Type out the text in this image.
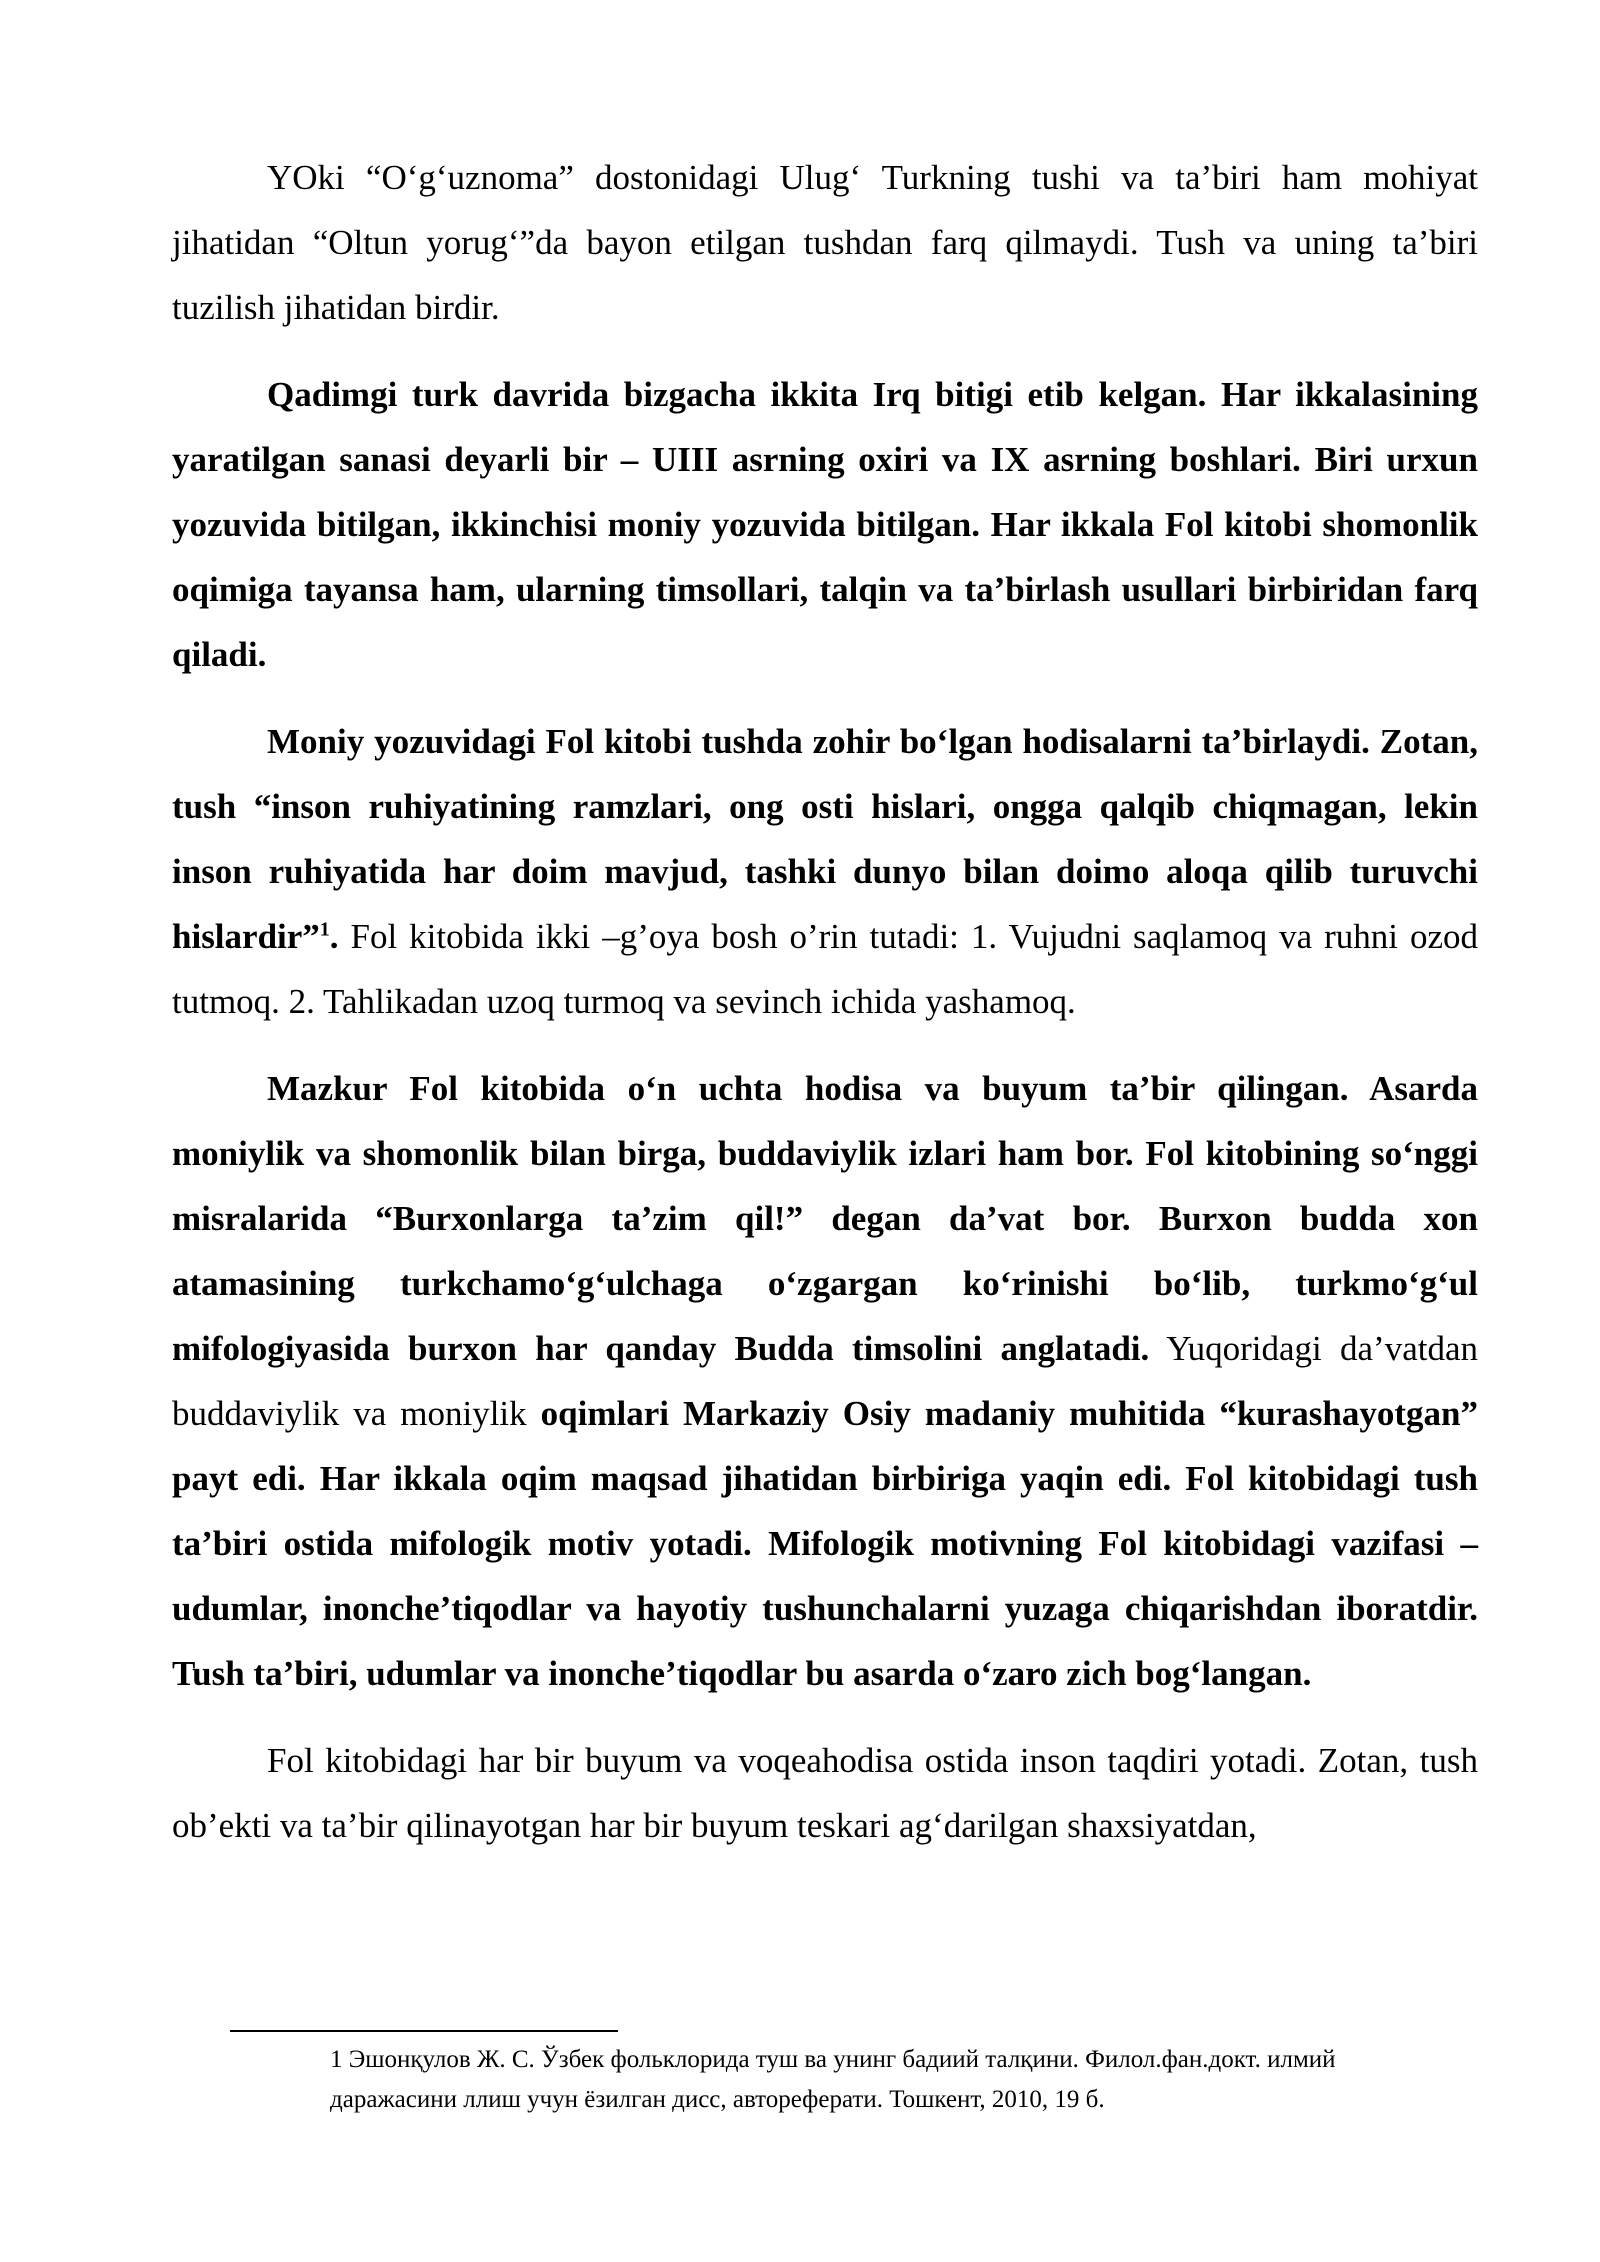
YOki “O‘g‘uznoma” dostonidagi Ulug‘ Turkning tushi va ta’biri ham mohiyat jihatidan “Oltun yorug‘”da bayon etilgan tushdan farq qilmaydi. Tush va uning ta’biri tuzilish jihatidan birdir.

Qadimgi turk davrida bizgacha ikkita Irq bitigi etib kelgan. Har ikkalasining yaratilgan sanasi deyarli bir – UIII asrning oxiri va IX asrning boshlari. Biri urxun yozuvida bitilgan, ikkinchisi moniy yozuvida bitilgan. Har ikkala Fol kitobi shomonlik oqimiga tayansa ham, ularning timsollari, talqin va ta’birlash usullari birbiridan farq qiladi.

Moniy yozuvidagi Fol kitobi tushda zohir bo‘lgan hodisalarni ta’birlaydi. Zotan, tush “inson ruhiyatining ramzlari, ong osti hislari, ongga qalqib chiqmagan, lekin inson ruhiyatida har doim mavjud, tashki dunyo bilan doimo aloqa qilib turuvchi hislardir”$^1$. Fol kitobida ikki –g’oya bosh o’rin tutadi: 1. Vujudni saqlamoq va ruhni ozod tutmoq. 2. Tahlikadan uzoq turmoq va sevinch ichida yashamoq.

Mazkur Fol kitobida o‘n uchta hodisa va buyum ta’bir qilingan. Asarda moniylik va shomonlik bilan birga, buddaviylik izlari ham bor. Fol kitobining so‘nggi misralarida “Burxonlarga ta’zim qil!” degan da’vat bor. Burxon budda xon atamasining turkchamo‘g‘ulchaga o‘zgargan ko‘rinishi bo‘lib, turkmo‘g‘ul mifologiyasida burxon har qanday Budda timsolini anglatadi. Yuqoridagi da’vatdan buddaviylik va moniylik oqimlari Markaziy Osiy madaniy muhitida “kurashayotgan” payt edi. Har ikkala oqim maqsad jihatidan birbiriga yaqin edi. Fol kitobidagi tush ta’biri ostida mifologik motiv yotadi. Mifologik motivning Fol kitobidagi vazifasi – udumlar, inonche’tiqodlar va hayotiy tushunchalarni yuzaga chiqarishdan iboratdir. Tush ta’biri, udumlar va inonche’tiqodlar bu asarda o‘zaro zich bog‘langan.

Fol kitobidagi har bir buyum va voqeahodisa ostida inson taqdiri yotadi. Zotan, tush ob’ekti va ta’bir qilinayotgan har bir buyum teskari ag‘darilgan shaxsiyatdan,

1 Эшонқулов Ж. С. Ўзбек фольклорида туш ва унинг бадиий талқини. Филол.фан.докт. илмий даражасини ллиш учун ёзилган дисс, автореферати. Тошкент, 2010, 19 б.
